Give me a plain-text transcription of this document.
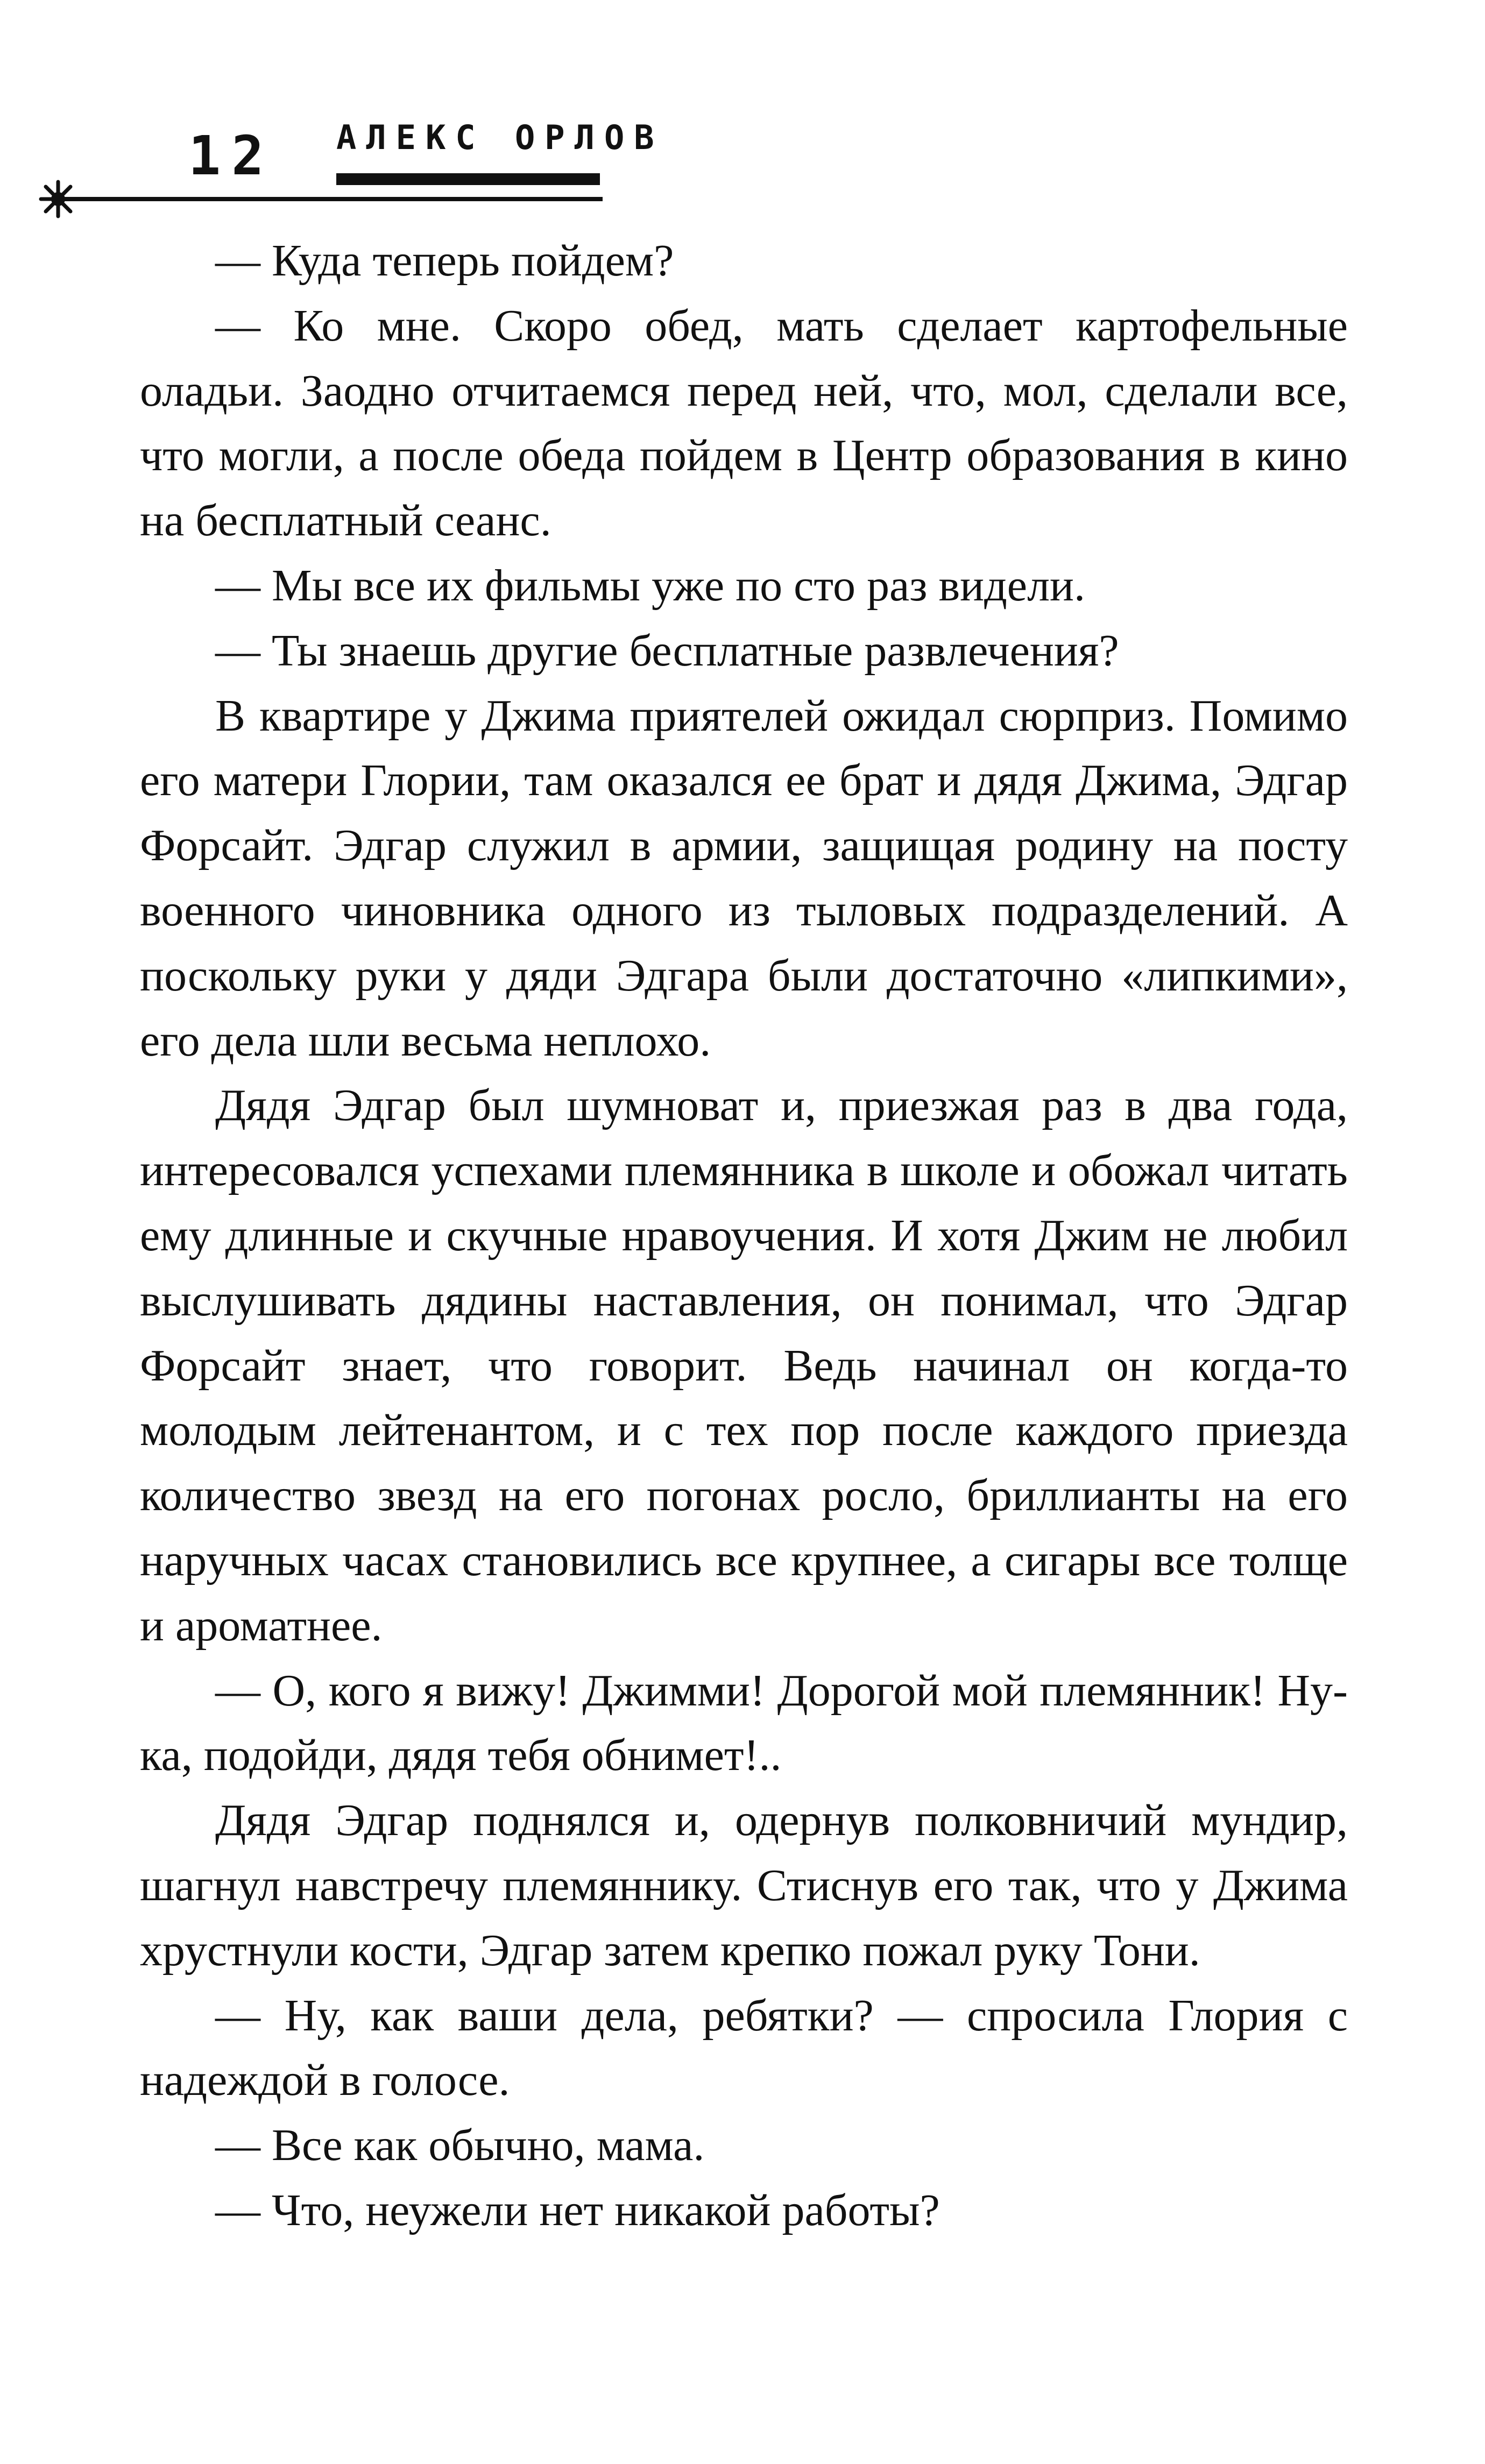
12 АЛЕКС ОРЛОВ

— Куда теперь пойдем?

— Ко мне. Скоро обед, мать сделает картофельные оладьи. Заодно отчитаемся перед ней, что, мол, сделали все, что могли, а после обеда пойдем в Центр образования в кино на бесплатный сеанс.

— Мы все их фильмы уже по сто раз видели.

— Ты знаешь другие бесплатные развлечения?

В квартире у Джима приятелей ожидал сюрприз. Помимо его матери Глории, там оказался ее брат и дядя Джима, Эдгар Форсайт. Эдгар служил в армии, защищая родину на посту военного чиновника одного из тыловых подразделений. А поскольку руки у дяди Эдгара были достаточно «липкими», его дела шли весьма неплохо.

Дядя Эдгар был шумноват и, приезжая раз в два года, интересовался успехами племянника в школе и обожал читать ему длинные и скучные нравоучения. И хотя Джим не любил выслушивать дядины наставления, он понимал, что Эдгар Форсайт знает, что говорит. Ведь начинал он когда-то молодым лейтенантом, и с тех пор после каждого приезда количество звезд на его погонах росло, бриллианты на его наручных часах становились все крупнее, а сигары все толще и ароматнее.

— О, кого я вижу! Джимми! Дорогой мой племянник! Ну-ка, подойди, дядя тебя обнимет!..

Дядя Эдгар поднялся и, одернув полковничий мундир, шагнул навстречу племяннику. Стиснув его так, что у Джима хрустнули кости, Эдгар затем крепко пожал руку Тони.

— Ну, как ваши дела, ребятки? — спросила Глория с надеждой в голосе.

— Все как обычно, мама.

— Что, неужели нет никакой работы?
